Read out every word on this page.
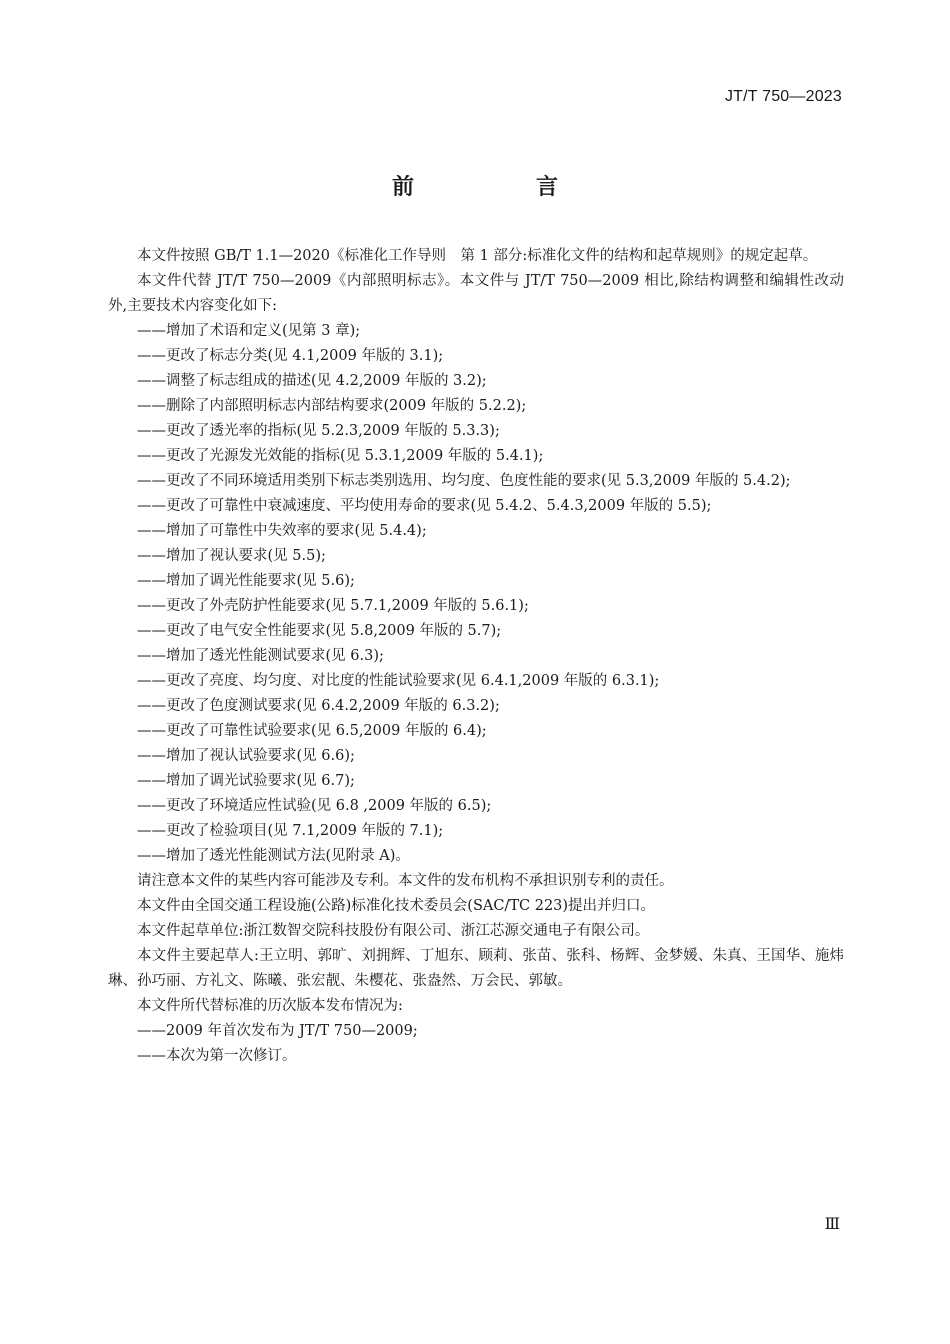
JT/T 750—2023
前　言

本文件按照 GB/T 1.1—2020《标准化工作导则　第 1 部分:标准化文件的结构和起草规则》的规定起草。

本文件代替 JT/T 750—2009《内部照明标志》。本文件与 JT/T 750—2009 相比,除结构调整和编辑性改动外,主要技术内容变化如下:

——增加了术语和定义(见第 3 章);
——更改了标志分类(见 4.1,2009 年版的 3.1);
——调整了标志组成的描述(见 4.2,2009 年版的 3.2);
——删除了内部照明标志内部结构要求(2009 年版的 5.2.2);
——更改了透光率的指标(见 5.2.3,2009 年版的 5.3.3);
——更改了光源发光效能的指标(见 5.3.1,2009 年版的 5.4.1);
——更改了不同环境适用类别下标志类别选用、均匀度、色度性能的要求(见 5.3,2009 年版的 5.4.2);
——更改了可靠性中衰减速度、平均使用寿命的要求(见 5.4.2、5.4.3,2009 年版的 5.5);
——增加了可靠性中失效率的要求(见 5.4.4);
——增加了视认要求(见 5.5);
——增加了调光性能要求(见 5.6);
——更改了外壳防护性能要求(见 5.7.1,2009 年版的 5.6.1);
——更改了电气安全性能要求(见 5.8,2009 年版的 5.7);
——增加了透光性能测试要求(见 6.3);
——更改了亮度、均匀度、对比度的性能试验要求(见 6.4.1,2009 年版的 6.3.1);
——更改了色度测试要求(见 6.4.2,2009 年版的 6.3.2);
——更改了可靠性试验要求(见 6.5,2009 年版的 6.4);
——增加了视认试验要求(见 6.6);
——增加了调光试验要求(见 6.7);
——更改了环境适应性试验(见 6.8 ,2009 年版的 6.5);
——更改了检验项目(见 7.1,2009 年版的 7.1);
——增加了透光性能测试方法(见附录 A)。

请注意本文件的某些内容可能涉及专利。本文件的发布机构不承担识别专利的责任。

本文件由全国交通工程设施(公路)标准化技术委员会(SAC/TC 223)提出并归口。

本文件起草单位:浙江数智交院科技股份有限公司、浙江芯源交通电子有限公司。

本文件主要起草人:王立明、郭旷、刘拥辉、丁旭东、顾莉、张苗、张科、杨辉、金梦媛、朱真、王国华、施炜琳、孙巧丽、方礼文、陈曦、张宏靓、朱樱花、张盎然、万会民、郭敏。

本文件所代替标准的历次版本发布情况为:

——2009 年首次发布为 JT/T 750—2009;
——本次为第一次修订。
Ⅲ
